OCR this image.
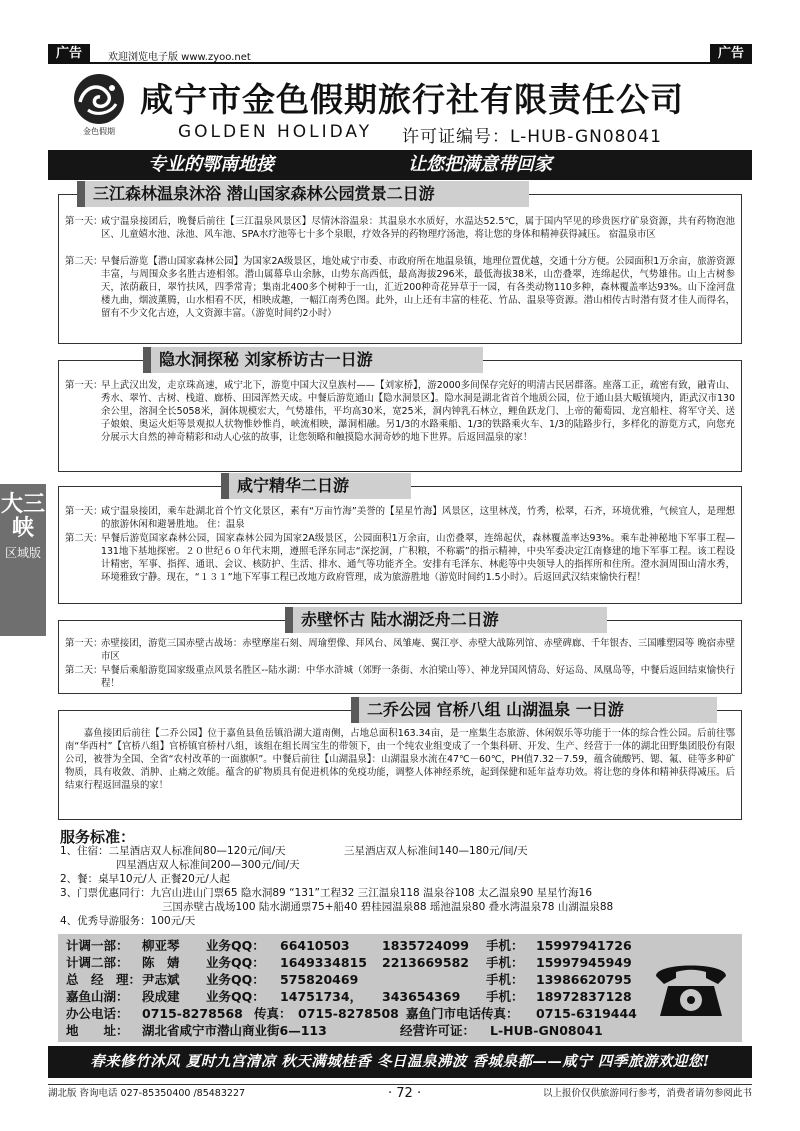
广告	欢迎浏览电子版 www.zyoo.net	广告
金色假期
咸宁市金色假期旅行社有限责任公司
GOLDEN HOLIDAY 许可证编号：L-HUB-GN08041
专业的鄂南地接	让您把满意带回家
大三峡
区域版
三江森林温泉沐浴 潜山国家森林公园赏景二日游
第一天：
咸宁温泉接团后，晚餐后前往【三江温泉风景区】尽情沐浴温泉：其温泉水水质好，水温达52.5℃，属于国内罕见的珍贵医疗矿泉资源，共有药物泡池区、儿童嬉水池、泳池、风车池、SPA水疗池等七十多个泉眼，疗效各异的药物理疗汤池，将让您的身体和精神获得减压。 宿温泉市区
第二天：
早餐后游览【潜山国家森林公园】为国家2A级景区，地处咸宁市委、市政府所在地温泉镇，地理位置优越，交通十分方便。公园面积1万余亩，旅游资源丰富，与周围众多名胜古迹相邻。潜山属幕阜山余脉，山势东高西低，最高海拔296米，最低海拔38米，山峦叠翠，连绵起伏，气势雄伟。山上古树参天，浓荫蔽日，翠竹扶风，四季常青；集南北400多个树种于一山，汇近200种奇花异草于一园，有各类动物110多种，森林覆盖率达93%。山下淦河盘楼九曲，烟波薰腾，山水相看不厌，相映成趣，一幅江南秀色图。此外，山上还有丰富的桂花、竹品、温泉等资源。潜山相传古时潜有贤才佳人而得名，留有不少文化古迹，人文资源丰富。（游览时间约2小时）
隐水洞探秘 刘家桥访古一日游
第一天：
早上武汉出发，走京珠高速，咸宁北下，游览中国大汉皇族村——【刘家桥】，游2000多间保存完好的明清古民居群落。座落工正，疏密有致，融青山、秀水、翠竹、古树、栈道、廊桥、田园浑然天成。中餐后游览通山【隐水洞景区】。隐水洞是湖北省首个地质公园，位于通山县大畈镇境内，距武汉市130余公里，溶洞全长5058米，洞体规模宏大，气势雄伟，平均高30米，宽25米，洞内钟乳石林立，鲤鱼跃龙门、上帝的葡萄园、龙宫船柱、将军守关、送子娘娘、奥运火炬等景观拟人状物惟妙惟肖，峡流相映，瀑洞相融。另1/3的水路乘船、1/3的铁路乘火车、1/3的陆路步行，多样化的游览方式，向您充分展示大自然的神奇精彩和动人心弦的故事，让您领略和触摸隐水洞奇妙的地下世界。后返回温泉的家！
咸宁精华二日游
第一天：
咸宁温泉接团，乘车赴湖北首个竹文化景区，素有“万亩竹海”美誉的【星星竹海】风景区，这里林茂，竹秀，松翠，石齐，环境优雅，气候宜人，是理想的旅游休闲和避暑胜地。 住：温泉
第二天：
早餐后游览国家森林公园，国家森林公园为国家2A级景区，公园面积1万余亩，山峦叠翠，连绵起伏，森林覆盖率达93%。乘车赴神秘地下军事工程—131地下基地探密。２０世纪６０年代末期，遵照毛泽东同志“深挖洞，广积粮，不称霸”的指示精神，中央军委决定江南修建的地下军事工程。该工程设计精密，军事、指挥、通讯、会议、核防护、生活、排水、通气等功能齐全。安排有毛泽东、林彪等中央领导人的指挥所和住所。澄水洞周围山清水秀，环境雅致宁静。现在，“１３１”地下军事工程已改地方政府管理，成为旅游胜地（游览时间约1.5小时）。后返回武汉结束愉快行程！
赤壁怀古 陆水湖泛舟二日游
第一天：
赤壁接团，游览三国赤壁古战场：赤壁摩崖石刻、周瑜塑像、拜风台、凤雏庵、翼江亭、赤壁大战陈列馆、赤壁碑廊、千年银杏、三国雕塑园等 晚宿赤壁市区
第二天：
早餐后乘船游览国家级重点风景名胜区--陆水湖：中华水浒城（郊野一条街、水泊梁山等）、神龙异国风情岛、好运岛、凤凰岛等，中餐后返回结束愉快行程！
二乔公园 官桥八组 山湖温泉 一日游
嘉鱼接团后前往【二乔公园】位于嘉鱼县鱼岳镇沿湖大道南侧，占地总面积163.34亩，是一座集生态旅游、休闲娱乐等功能于一体的综合性公园。后前往鄂南“华西村”【官桥八组】官桥镇官桥村八组，该组在组长周宝生的带领下，由一个纯农业组变成了一个集科研、开发、生产、经营于一体的湖北田野集团股份有限公司，被誉为全国、全省“农村改革的一面旗帜”。中餐后前往【山湖温泉】：山湖温泉水流在47℃－60℃，PH值7.32－7.59，蕴含硫酸钙、锶、氟、硅等多种矿物质，具有收敛、消肿、止痛之效能。蕴含的矿物质具有促进机体的免疫功能，调整人体神经系统，起到保健和延年益寿功效。将让您的身体和精神获得减压。后结束行程返回温泉的家！
服务标准：
1、住宿：二星酒店双人标准间80—120元/间/天	三星酒店双人标准间140—180元/间/天
四星酒店双人标准间200—300元/间/天
2、餐：桌早10元/人 正餐20元/人起
3、门票优惠同行：九宫山进山门票65 隐水洞89 “131”工程32 三江温泉118 温泉谷108 太乙温泉90 星星竹海16
三国赤壁古战场100 陆水湖通票75+船40 碧桂园温泉88 瑶池温泉80 叠水湾温泉78 山湖温泉88
4、优秀导游服务：100元/天
计调一部： 柳亚琴 业务QQ： 66410503	1835724099 手机： 15997941726
计调二部： 陈　婧 业务QQ： 1649334815 2213669582 手机： 15997945949
总　经　理： 尹志斌 业务QQ： 575820469	手机： 13986620795
嘉鱼山湖： 段成建 业务QQ： 14751734， 343654369 手机： 18972837128
办公电话： 0715-8278568 传真： 0715-8278508 嘉鱼门市电话传真： 0715-6319444
地　　址： 湖北省咸宁市潜山商业街6—113	经营许可证： L-HUB-GN08041
春来修竹沐风 夏时九宫清凉 秋天满城桂香 冬日温泉沸波 香城泉都——咸宁 四季旅游欢迎您!
湖北版 咨询电话 027-85350400 /85483227	· 72 ·	以上报价仅供旅游同行参考，消费者请勿参阅此书
